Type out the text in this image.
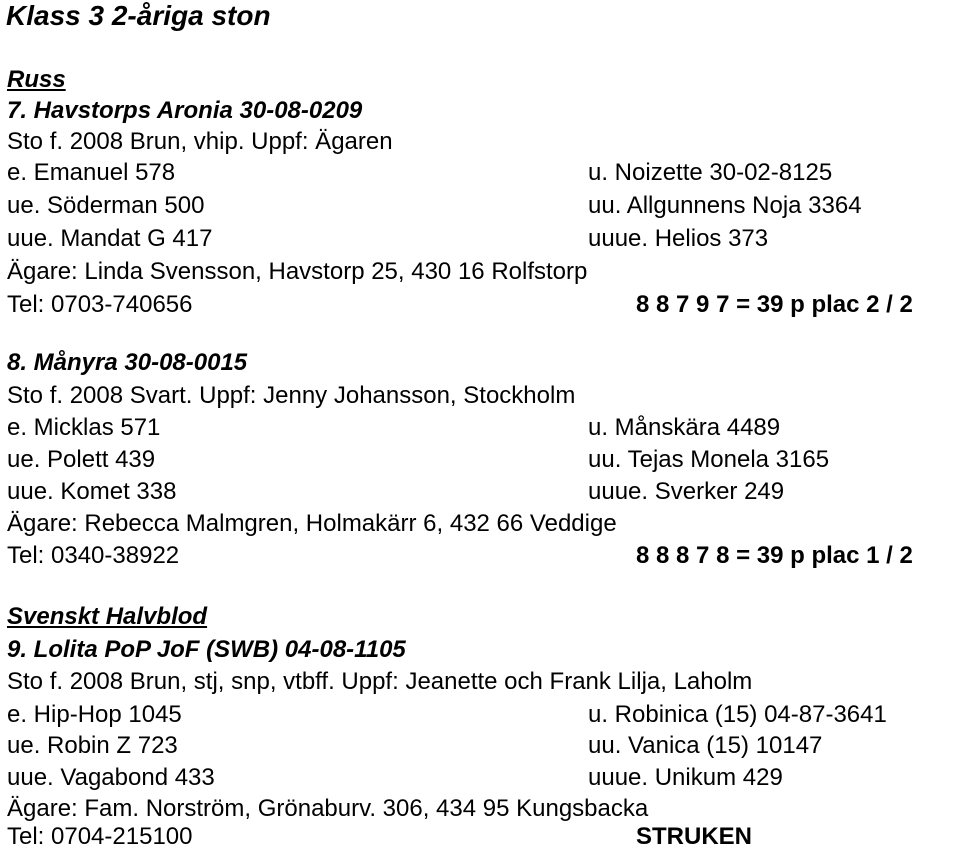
Klass 3 2-åriga ston
Russ
7. Havstorps Aronia 30-08-0209
Sto f. 2008 Brun, vhip. Uppf: Ägaren
e. Emanuel 578	u. Noizette 30-02-8125
ue. Söderman 500	uu. Allgunnens Noja 3364
uue. Mandat G 417	uuue. Helios 373
Ägare: Linda Svensson, Havstorp 25, 430 16 Rolfstorp
Tel: 0703-740656	8 8 7 9 7 = 39 p plac 2 / 2
8. Månyra 30-08-0015
Sto f. 2008 Svart. Uppf: Jenny Johansson, Stockholm
e. Micklas 571	u. Månskära 4489
ue. Polett 439	uu. Tejas Monela 3165
uue. Komet 338	uuue. Sverker 249
Ägare: Rebecca Malmgren, Holmakärr 6, 432 66 Veddige
Tel: 0340-38922	8 8 8 7 8 = 39 p plac 1 / 2
Svenskt Halvblod
9. Lolita PoP JoF (SWB) 04-08-1105
Sto f. 2008 Brun, stj, snp, vtbff. Uppf: Jeanette och Frank Lilja, Laholm
e. Hip-Hop 1045	u. Robinica (15) 04-87-3641
ue. Robin Z 723	uu. Vanica (15) 10147
uue. Vagabond 433	uuue. Unikum 429
Ägare: Fam. Norström, Grönaburv. 306, 434 95 Kungsbacka
Tel: 0704-215100	STRUKEN
